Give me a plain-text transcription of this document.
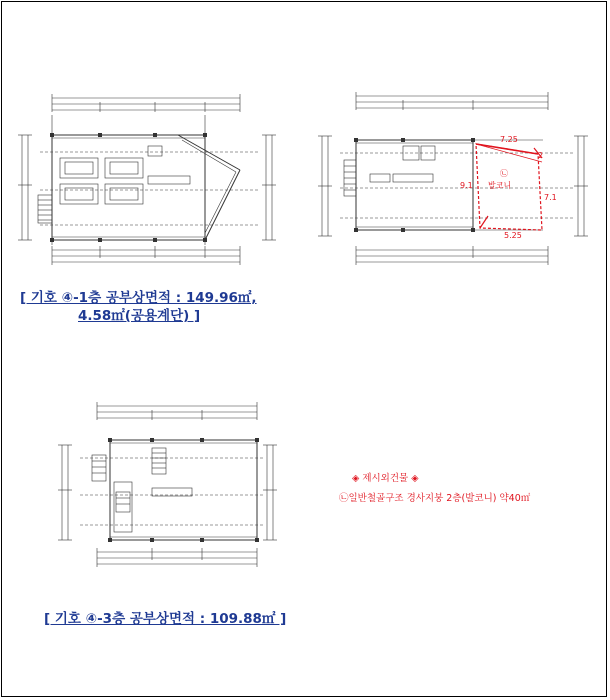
7.25
2
9.1
7.1
5.25
㉡
발코니
[ 기호 ④-1층 공부상면적 : 149.96㎡,
4.58㎡(공용계단) ]
[ 기호 ④-3층 공부상면적 : 109.88㎡ ]
◈ 제시외건물 ◈
㉡일반철골구조 경사지붕 2층(발코니) 약40㎡
